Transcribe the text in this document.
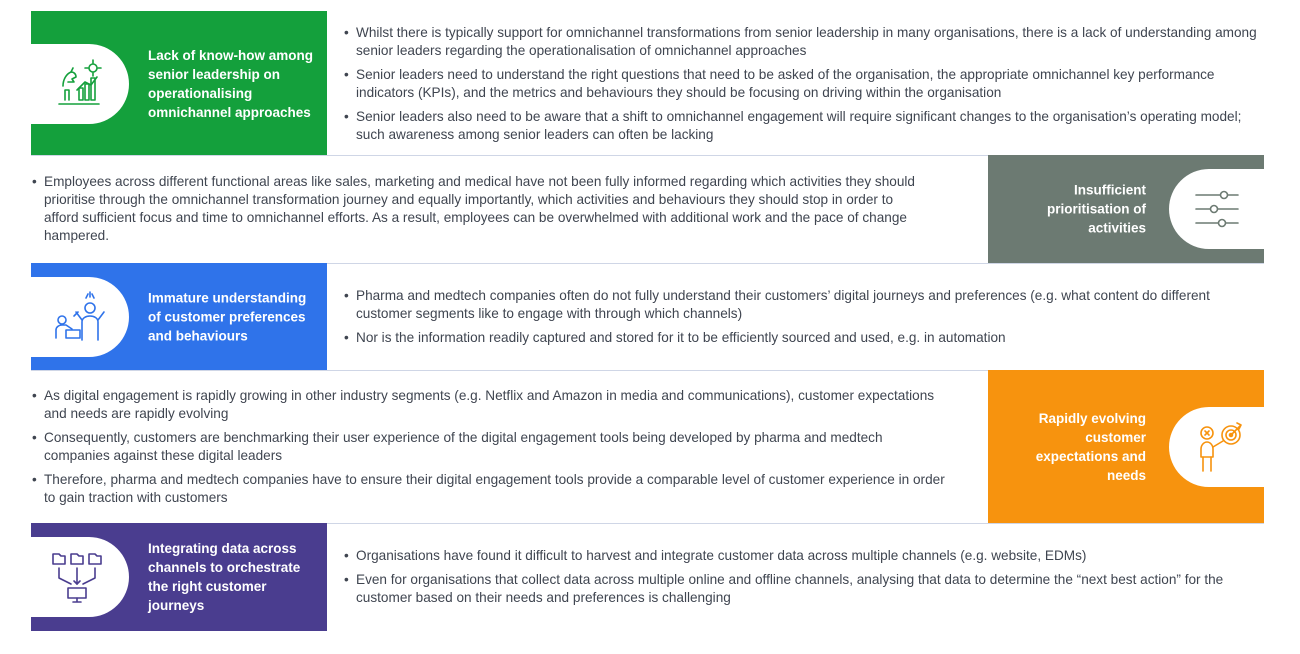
Lack of know-how among senior leadership on operationalising omnichannel approaches
• Whilst there is typically support for omnichannel transformations from senior leadership in many organisations, there is a lack of understanding among senior leaders regarding the operationalisation of omnichannel approaches
• Senior leaders need to understand the right questions that need to be asked of the organisation, the appropriate omnichannel key performance indicators (KPIs), and the metrics and behaviours they should be focusing on driving within the organisation
• Senior leaders also need to be aware that a shift to omnichannel engagement will require significant changes to the organisation’s operating model; such awareness among senior leaders can often be lacking
Insufficient prioritisation of activities
• Employees across different functional areas like sales, marketing and medical have not been fully informed regarding which activities they should prioritise through the omnichannel transformation journey and equally importantly, which activities and behaviours they should stop in order to afford sufficient focus and time to omnichannel efforts. As a result, employees can be overwhelmed with additional work and the pace of change hampered.
Immature understanding of customer preferences and behaviours
• Pharma and medtech companies often do not fully understand their customers’ digital journeys and preferences (e.g. what content do different customer segments like to engage with through which channels)
• Nor is the information readily captured and stored for it to be efficiently sourced and used, e.g. in automation
Rapidly evolving customer expectations and needs
• As digital engagement is rapidly growing in other industry segments (e.g. Netflix and Amazon in media and communications), customer expectations and needs are rapidly evolving
• Consequently, customers are benchmarking their user experience of the digital engagement tools being developed by pharma and medtech companies against these digital leaders
• Therefore, pharma and medtech companies have to ensure their digital engagement tools provide a comparable level of customer experience in order to gain traction with customers
Integrating data across channels to orchestrate the right customer journeys
• Organisations have found it difficult to harvest and integrate customer data across multiple channels (e.g. website, EDMs)
• Even for organisations that collect data across multiple online and offline channels, analysing that data to determine the “next best action” for the customer based on their needs and preferences is challenging
